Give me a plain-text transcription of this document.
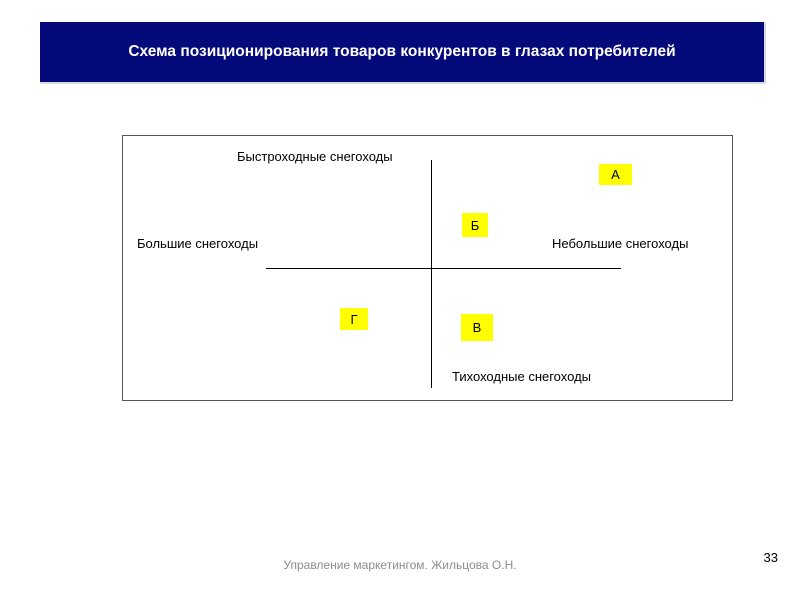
Схема позиционирования товаров конкурентов в глазах потребителей
Быстроходные снегоходы
Большие снегоходы	Небольшие снегоходы
Тихоходные снегоходы
А
Б
В
Г
Управление маркетингом. Жильцова О.Н.	33
